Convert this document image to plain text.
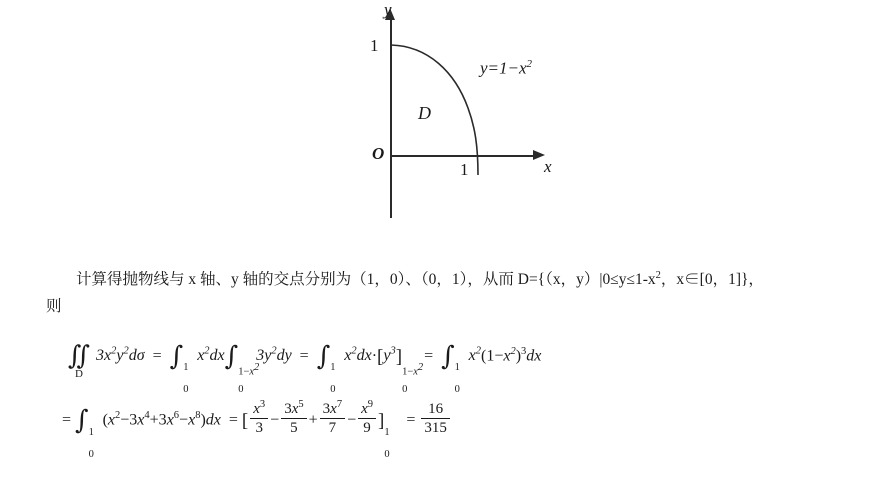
y
x
O
1
1
D
$y=1-x^2$
计算得抛物线与 x 轴、y 轴的交点分别为（1，0）、（0，1），从而 D={（x，$y)|0\le y\le 1-x^2$，x∈[0，1]}，
则
∬
D
$3x^2y^2d\sigma$  =  ∫ 1
0
$x^2dx\int$
1−x2
0
$3y^2dy$  =  ∫ 1
0
$x^2dx\cdot[y^3]$
1−x2
0
=  ∫ 1
0
$x^2(1-x^2)^3dx$
= ∫ 1
0
$(x^2-3x^4+3x^6-x^8)dx$  = [ $\frac{x^3}{3} - \frac{3x^5}{5} + \frac{3x^7}{7} - \frac{x^9}{9}$ ]
1
0
= $\frac{16}{315}$
